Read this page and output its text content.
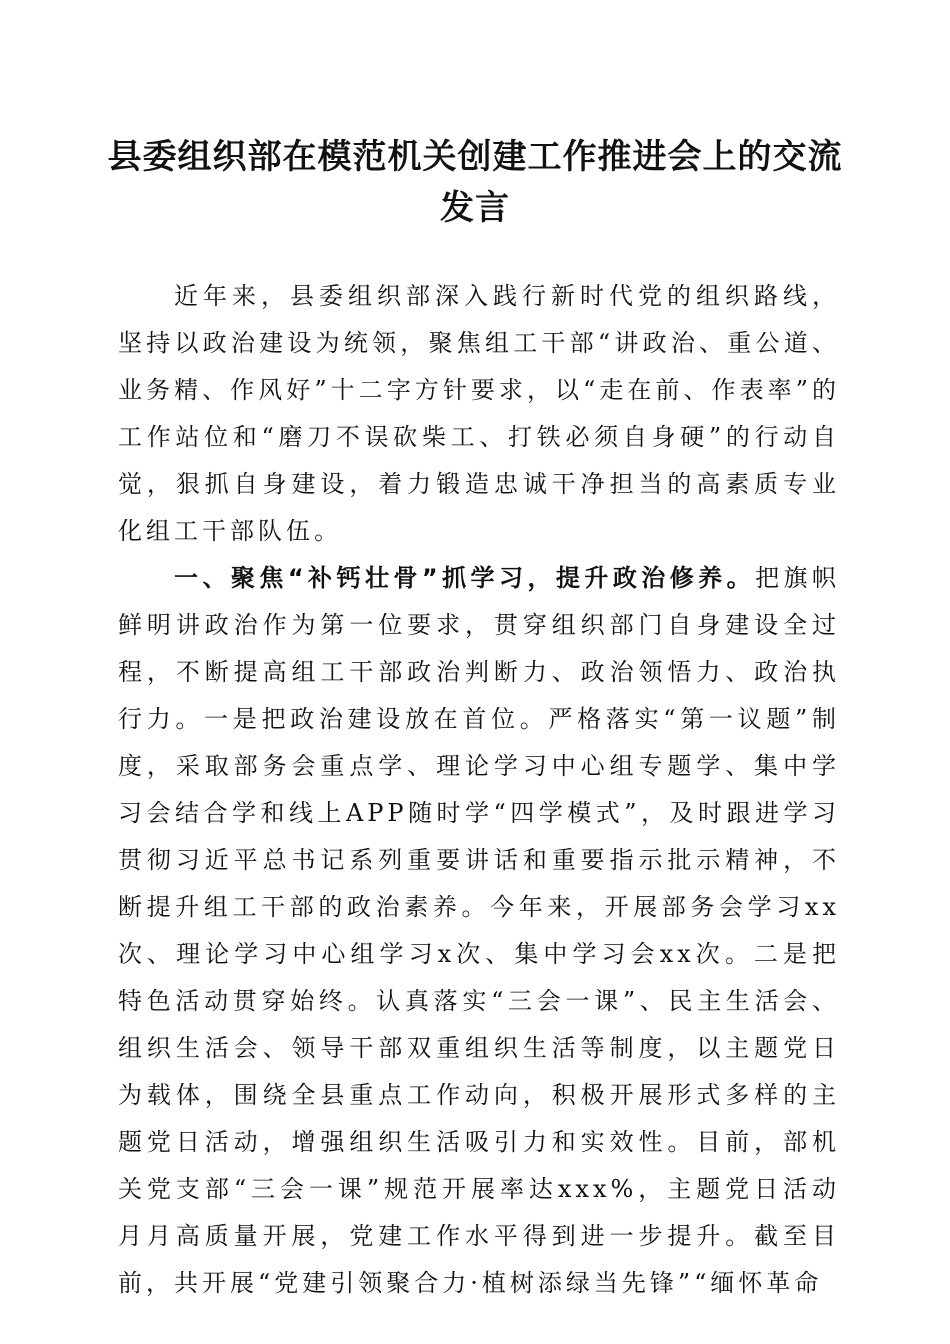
县委组织部在模范机关创建工作推进会上的交流发言

近年来，县委组织部深入践行新时代党的组织路线，坚持以政治建设为统领，聚焦组工干部“讲政治、重公道、业务精、作风好”十二字方针要求，以“走在前、作表率”的工作站位和“磨刀不误砍柴工、打铁必须自身硬”的行动自觉，狠抓自身建设，着力锻造忠诚干净担当的高素质专业化组工干部队伍。

一、聚焦“补钙壮骨”抓学习，提升政治修养。把旗帜鲜明讲政治作为第一位要求，贯穿组织部门自身建设全过程，不断提高组工干部政治判断力、政治领悟力、政治执行力。一是把政治建设放在首位。严格落实“第一议题”制度，采取部务会重点学、理论学习中心组专题学、集中学习会结合学和线上APP随时学“四学模式”，及时跟进学习贯彻习近平总书记系列重要讲话和重要指示批示精神，不断提升组工干部的政治素养。今年来，开展部务会学习xx次、理论学习中心组学习x次、集中学习会xx次。二是把特色活动贯穿始终。认真落实“三会一课”、民主生活会、组织生活会、领导干部双重组织生活等制度，以主题党日为载体，围绕全县重点工作动向，积极开展形式多样的主题党日活动，增强组织生活吸引力和实效性。目前，部机关党支部“三会一课”规范开展率达xxx%，主题党日活动月月高质量开展，党建工作水平得到进一步提升。截至目前，共开展“党建引领聚合力·植树添绿当先锋”“缅怀革命
